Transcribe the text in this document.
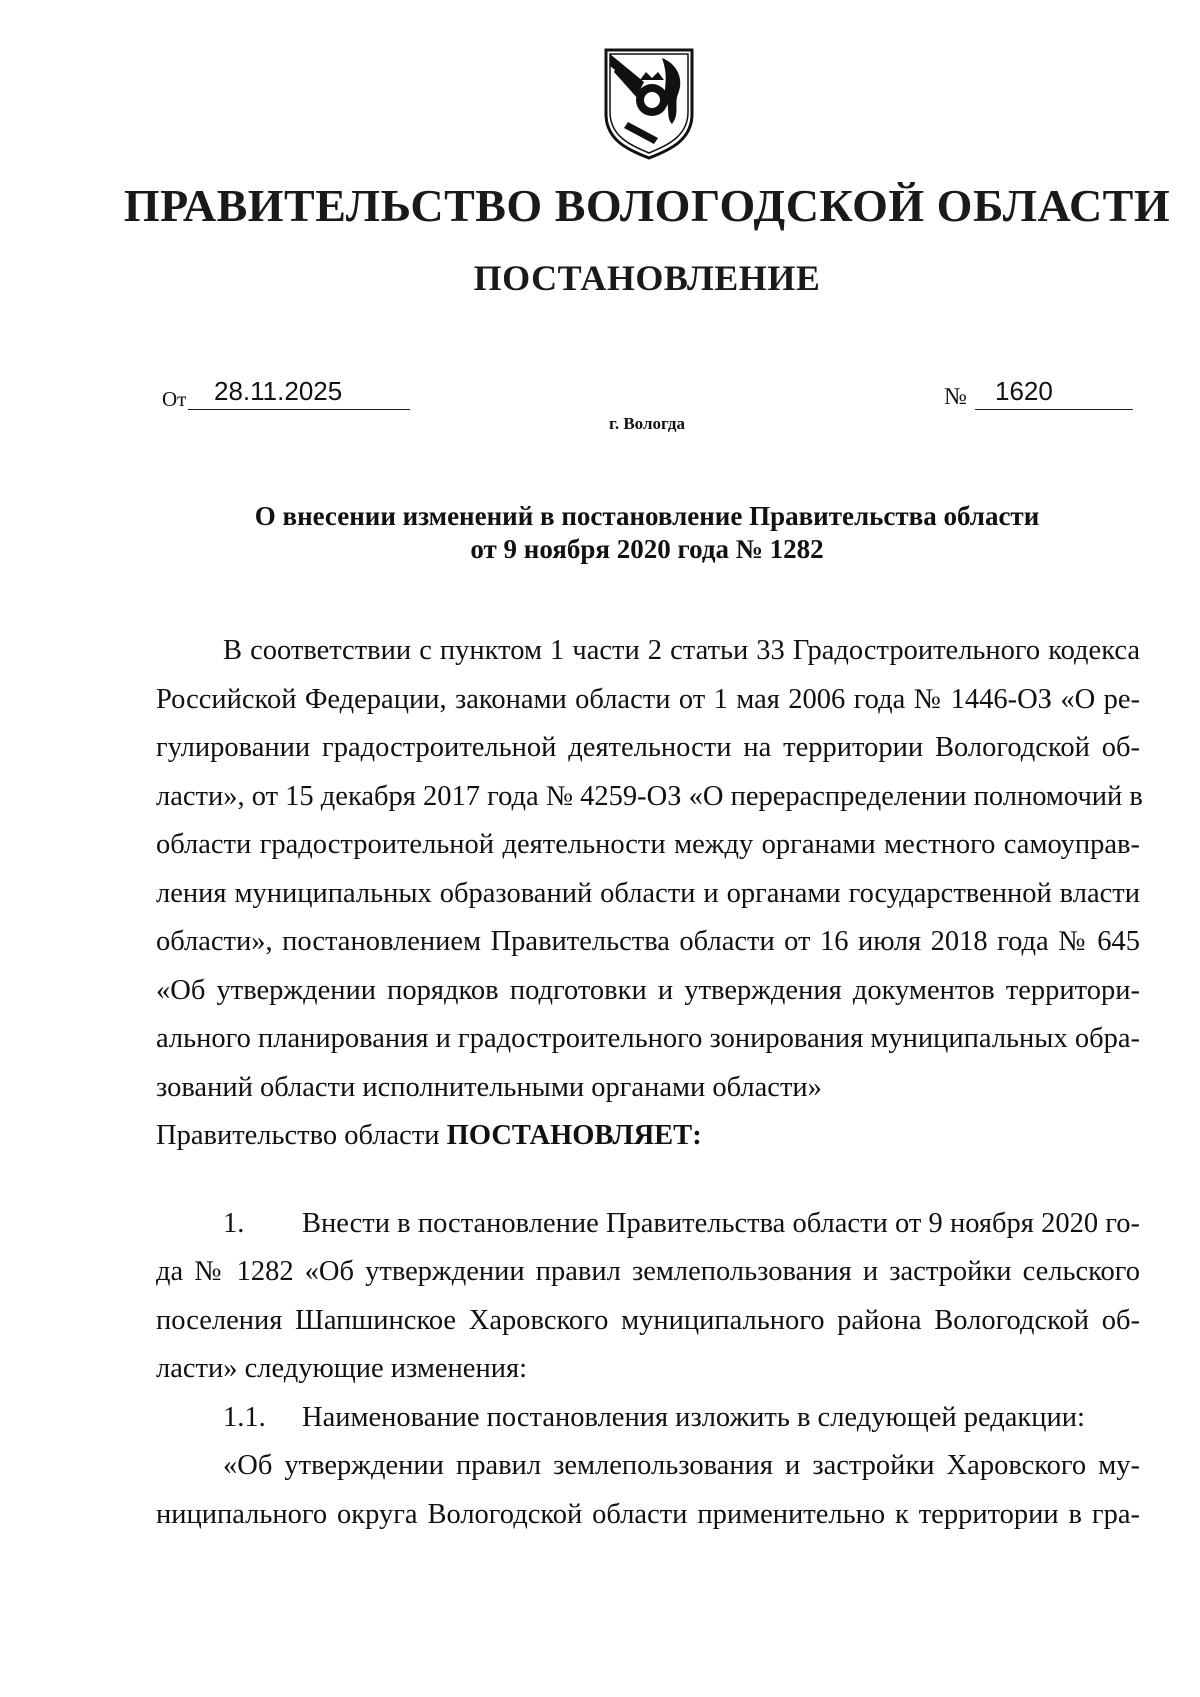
ПРАВИТЕЛЬСТВО ВОЛОГОДСКОЙ ОБЛАСТИ
ПОСТАНОВЛЕНИЕ
От	28.11.2025	№	1620
г. Вологда
О внесении изменений в постановление Правительства области
от 9 ноября 2020 года № 1282
В соответствии с пунктом 1 части 2 статьи 33 Градостроительного кодекса
Российской Федерации, законами области от 1 мая 2006 года № 1446-ОЗ «О ре-
гулировании градостроительной деятельности на территории Вологодской об-
ласти», от 15 декабря 2017 года № 4259-ОЗ «О перераспределении полномочий в
области градостроительной деятельности между органами местного самоуправ-
ления муниципальных образований области и органами государственной власти
области», постановлением Правительства области от 16 июля 2018 года № 645
«Об утверждении порядков подготовки и утверждения документов территори-
ального планирования и градостроительного зонирования муниципальных обра-
зований области исполнительными органами области»
Правительство области ПОСТАНОВЛЯЕТ:
1. Внести в постановление Правительства области от 9 ноября 2020 го-
да № 1282 «Об утверждении правил землепользования и застройки сельского
поселения Шапшинское Харовского муниципального района Вологодской об-
ласти» следующие изменения:
1.1. Наименование постановления изложить в следующей редакции:
«Об утверждении правил землепользования и застройки Харовского му-
ниципального округа Вологодской области применительно к территории в гра-
